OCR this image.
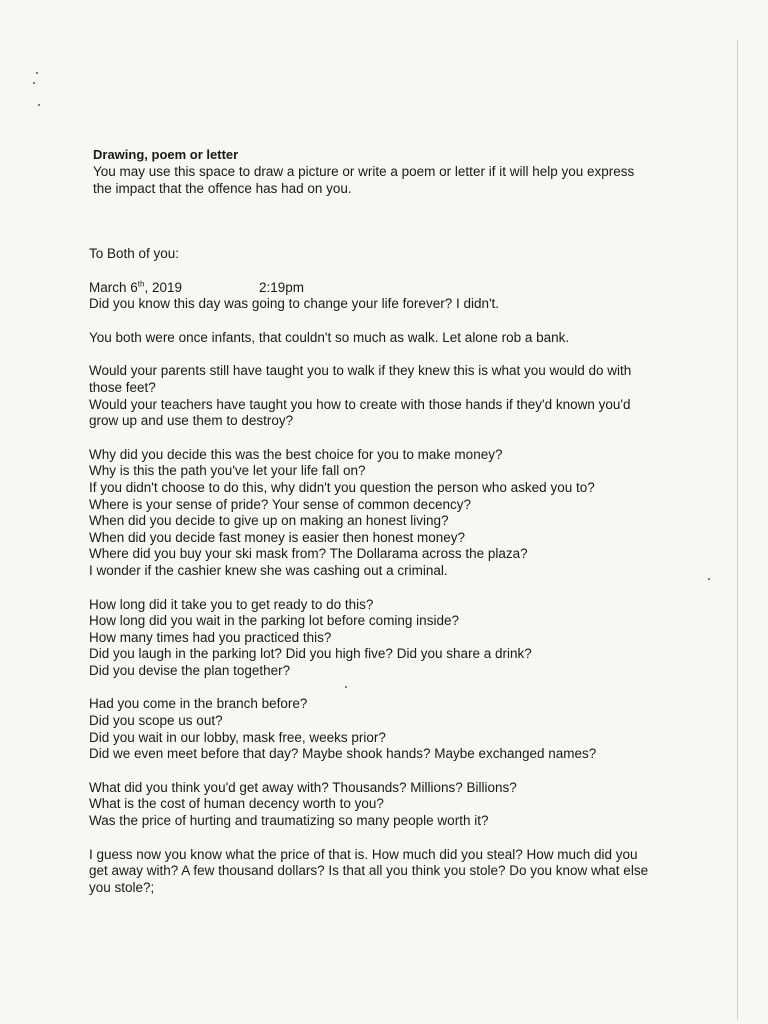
Drawing, poem or letter
You may use this space to draw a picture or write a poem or letter if it will help you express the impact that the offence has had on you.
To Both of you:
March 6th, 2019	2:19pm
Did you know this day was going to change your life forever? I didn't.
You both were once infants, that couldn't so much as walk. Let alone rob a bank.
Would your parents still have taught you to walk if they knew this is what you would do with those feet?
Would your teachers have taught you how to create with those hands if they'd known you'd grow up and use them to destroy?
Why did you decide this was the best choice for you to make money?
Why is this the path you've let your life fall on?
If you didn't choose to do this, why didn't you question the person who asked you to?
Where is your sense of pride? Your sense of common decency?
When did you decide to give up on making an honest living?
When did you decide fast money is easier then honest money?
Where did you buy your ski mask from? The Dollarama across the plaza?
I wonder if the cashier knew she was cashing out a criminal.
How long did it take you to get ready to do this?
How long did you wait in the parking lot before coming inside?
How many times had you practiced this?
Did you laugh in the parking lot? Did you high five? Did you share a drink?
Did you devise the plan together?
Had you come in the branch before?
Did you scope us out?
Did you wait in our lobby, mask free, weeks prior?
Did we even meet before that day? Maybe shook hands? Maybe exchanged names?
What did you think you'd get away with? Thousands? Millions? Billions?
What is the cost of human decency worth to you?
Was the price of hurting and traumatizing so many people worth it?
I guess now you know what the price of that is. How much did you steal? How much did you get away with? A few thousand dollars? Is that all you think you stole? Do you know what else you stole?;
